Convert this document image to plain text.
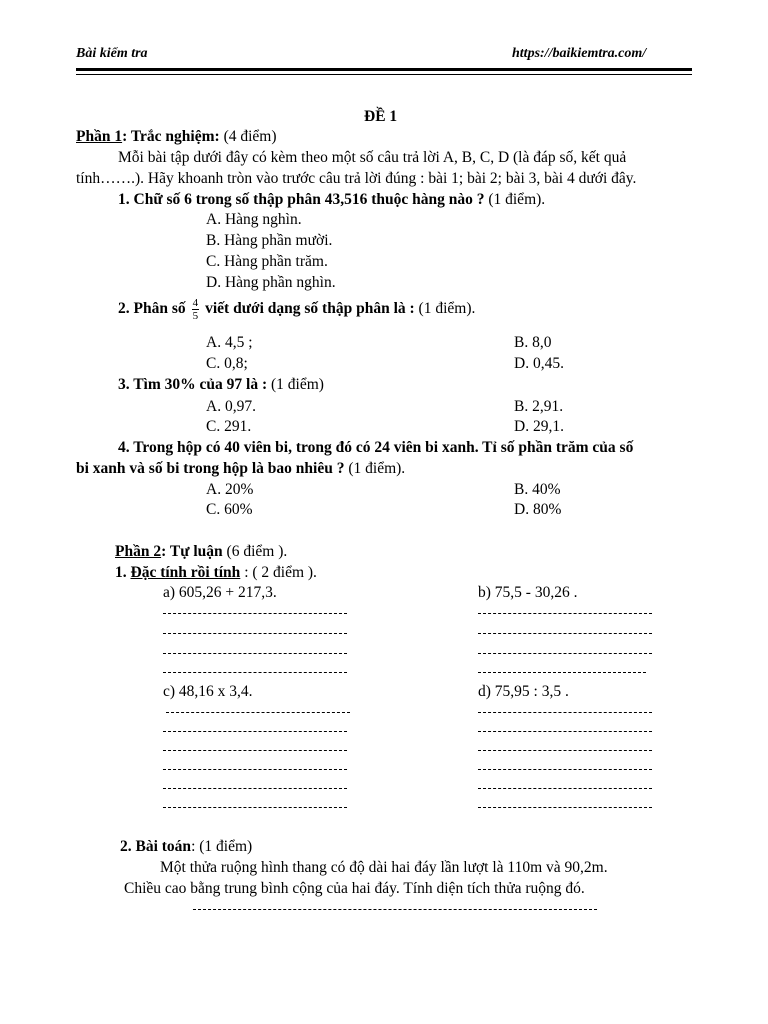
Bài kiểm tra	https://baikiemtra.com/
ĐỀ 1
Phần 1: Trắc nghiệm: (4 điểm)
Mỗi bài tập dưới đây có kèm theo một số câu trả lời A, B, C, D (là đáp số, kết quả
tính…….). Hãy khoanh tròn vào trước câu trả lời đúng : bài 1; bài 2; bài 3, bài 4 dưới đây.
1. Chữ số 6 trong số thập phân 43,516 thuộc hàng nào ? (1 điểm).
A. Hàng nghìn.
B. Hàng phần mười.
C. Hàng phần trăm.
D. Hàng phần nghìn.
2. Phân số $\frac{4}{5}$ viết dưới dạng số thập phân là : (1 điểm).
A. 4,5 ;	B. 8,0
C. 0,8;	D. 0,45.
3. Tìm 30% của 97 là : (1 điểm)
A. 0,97.	B. 2,91.
C. 291.	D. 29,1.
4. Trong hộp có 40 viên bi, trong đó có 24 viên bi xanh. Tỉ số phần trăm của số
bi xanh và số bi trong hộp là bao nhiêu ? (1 điểm).
A. 20%	B. 40%
C. 60%	D. 80%
Phần 2: Tự luận (6 điểm ).
1. Đặc tính rồi tính : ( 2 điểm ).
a) 605,26 + 217,3.	b) 75,5 - 30,26 .
c) 48,16 x 3,4.	d) 75,95 : 3,5 .
2. Bài toán: (1 điểm)
Một thửa ruộng hình thang có độ dài hai đáy lần lượt là 110m và 90,2m.
Chiều cao bằng trung bình cộng của hai đáy. Tính diện tích thửa ruộng đó.
